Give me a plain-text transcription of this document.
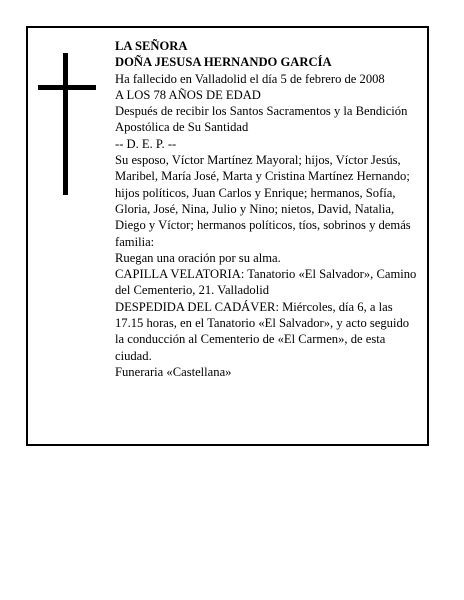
LA SEÑORA

DOÑA JESUSA HERNANDO GARCÍA

Ha fallecido en Valladolid el día 5 de febrero de 2008

A LOS 78 AÑOS DE EDAD

Después de recibir los Santos Sacramentos y la Bendición Apostólica de Su Santidad

-- D. E. P. --

Su esposo, Víctor Martínez Mayoral; hijos, Víctor Jesús, Maribel, María José, Marta y Cristina Martínez Hernando; hijos políticos, Juan Carlos y Enrique; hermanos, Sofía, Gloria, José, Nina, Julio y Nino; nietos, David, Natalia, Diego y Víctor; hermanos políticos, tíos, sobrinos y demás familia:

Ruegan una oración por su alma.

CAPILLA VELATORIA: Tanatorio «El Salvador», Camino del Cementerio, 21. Valladolid

DESPEDIDA DEL CADÁVER: Miércoles, día 6, a las 17.15 horas, en el Tanatorio «El Salvador», y acto seguido la conducción al Cementerio de «El Carmen», de esta ciudad.

Funeraria «Castellana»
